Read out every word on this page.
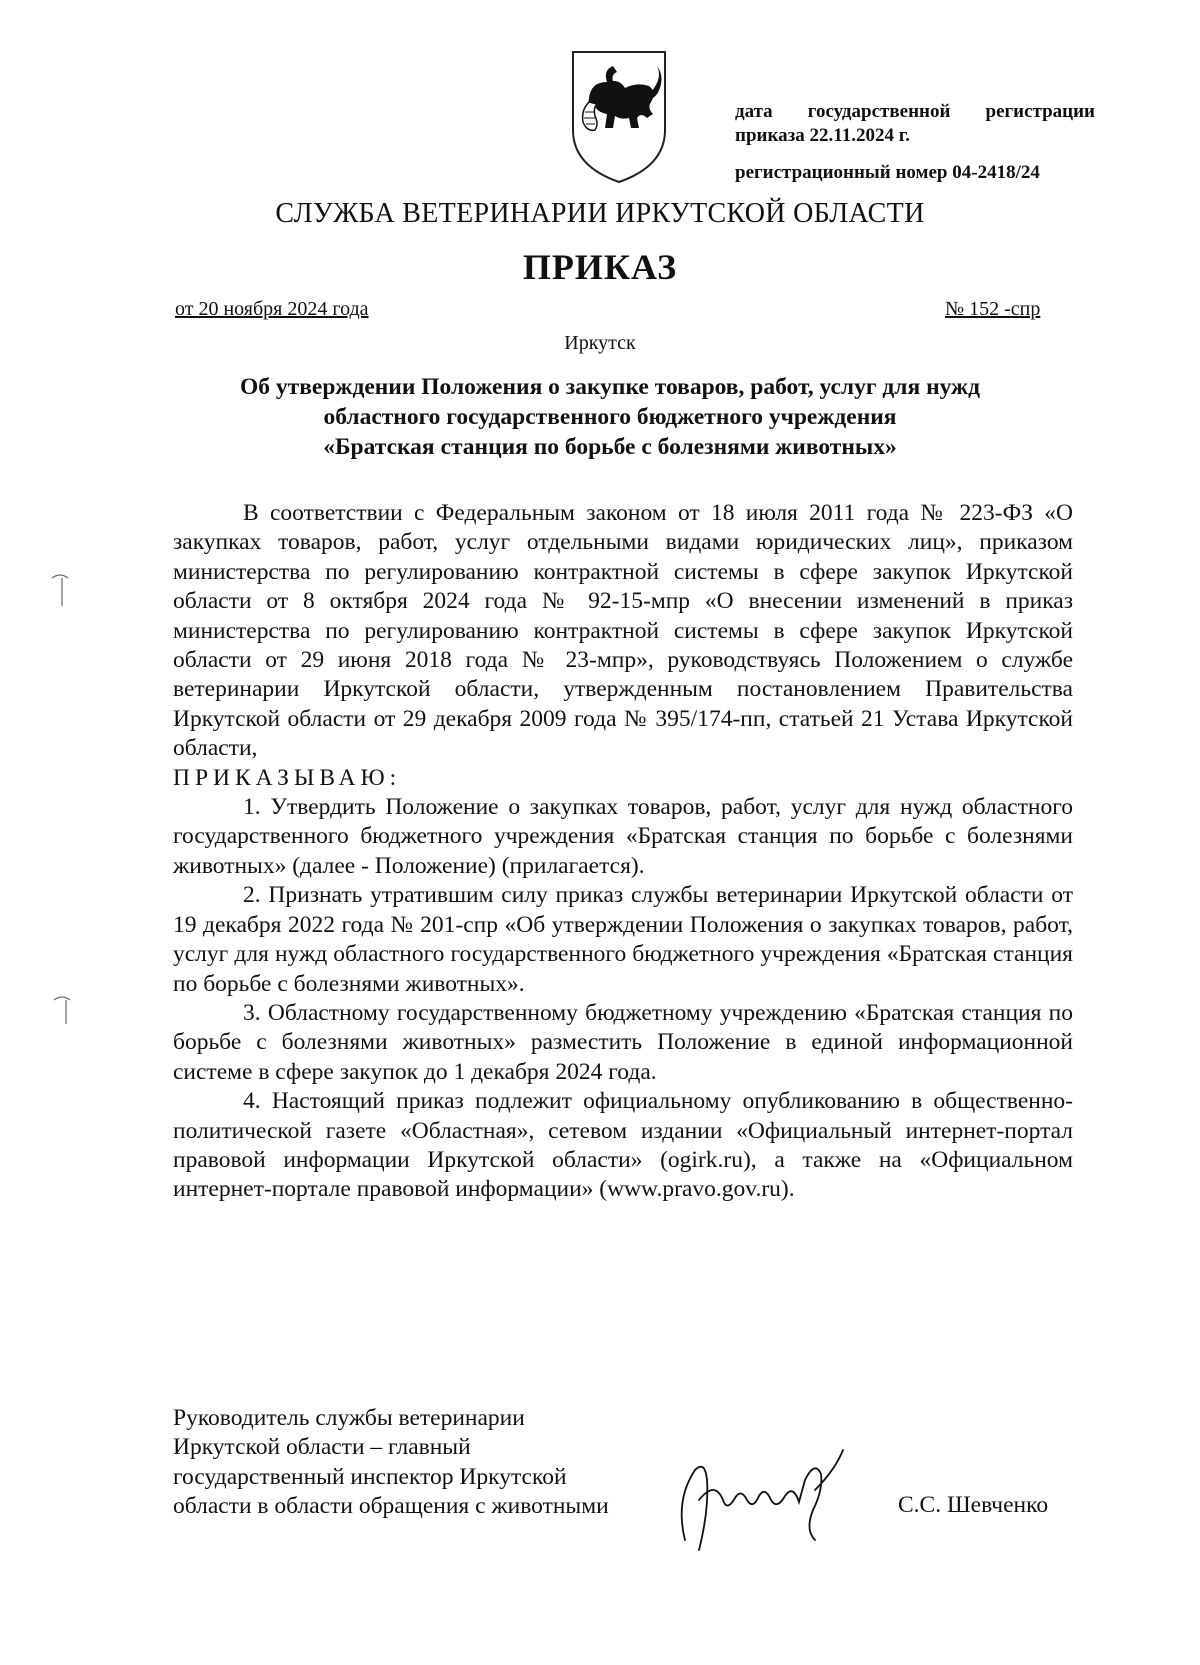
дата государственной регистрации
приказа 22.11.2024 г.
регистрационный номер 04-2418/24
СЛУЖБА ВЕТЕРИНАРИИ ИРКУТСКОЙ ОБЛАСТИ
ПРИКАЗ
от 20 ноября 2024 года	№ 152 -спр
Иркутск
Об утверждении Положения о закупке товаров, работ, услуг для нужд
областного государственного бюджетного учреждения
«Братская станция по борьбе с болезнями животных»

В соответствии с Федеральным законом от 18 июля 2011 года № 223-ФЗ «О закупках товаров, работ, услуг отдельными видами юридических лиц», приказом министерства по регулированию контрактной системы в сфере закупок Иркутской области от 8 октября 2024 года № 92-15-мпр «О внесении изменений в приказ министерства по регулированию контрактной системы в сфере закупок Иркутской области от 29 июня 2018 года № 23-мпр», руководствуясь Положением о службе ветеринарии Иркутской области, утвержденным постановлением Правительства Иркутской области от 29 декабря 2009 года № 395/174-пп, статьей 21 Устава Иркутской области,

ПРИКАЗЫВАЮ:

1. Утвердить Положение о закупках товаров, работ, услуг для нужд областного государственного бюджетного учреждения «Братская станция по борьбе с болезнями животных» (далее - Положение) (прилагается).

2. Признать утратившим силу приказ службы ветеринарии Иркутской области от 19 декабря 2022 года № 201-спр «Об утверждении Положения о закупках товаров, работ, услуг для нужд областного государственного бюджетного учреждения «Братская станция по борьбе с болезнями животных».

3. Областному государственному бюджетному учреждению «Братская станция по борьбе с болезнями животных» разместить Положение в единой информационной системе в сфере закупок до 1 декабря 2024 года.

4. Настоящий приказ подлежит официальному опубликованию в общественно-политической газете «Областная», сетевом издании «Официальный интернет-портал правовой информации Иркутской области» (ogirk.ru), а также на «Официальном интернет-портале правовой информации» (www.pravo.gov.ru).

Руководитель службы ветеринарии
Иркутской области – главный
государственный инспектор Иркутской
области в области обращения с животными	С.С. Шевченко
